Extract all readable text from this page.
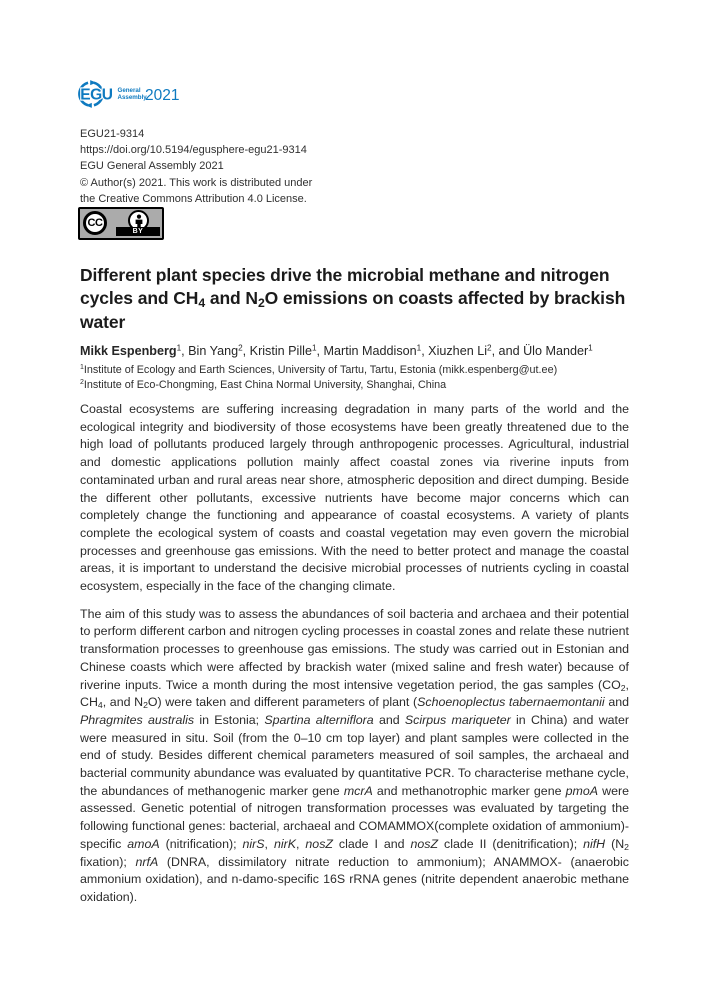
EGU General
Assembly
2021
EGU21-9314
https://doi.org/10.5194/egusphere-egu21-9314
EGU General Assembly 2021
© Author(s) 2021. This work is distributed under
the Creative Commons Attribution 4.0 License.
CC
BY
Different plant species drive the microbial methane and nitrogen cycles and $CH_4$ and $N_2O$ emissions on coasts affected by brackish water
Mikk Espenberg$^1$, Bin Yang$^2$, Kristin Pille$^1$, Martin Maddison$^1$, Xiuzhen Li$^2$, and Ülo Mander$^1$
$^1$Institute of Ecology and Earth Sciences, University of Tartu, Tartu, Estonia (mikk.espenberg@ut.ee)
$^2$Institute of Eco-Chongming, East China Normal University, Shanghai, China

Coastal ecosystems are suffering increasing degradation in many parts of the world and the ecological integrity and biodiversity of those ecosystems have been greatly threatened due to the high load of pollutants produced largely through anthropogenic processes. Agricultural, industrial and domestic applications pollution mainly affect coastal zones via riverine inputs from contaminated urban and rural areas near shore, atmospheric deposition and direct dumping. Beside the different other pollutants, excessive nutrients have become major concerns which can completely change the functioning and appearance of coastal ecosystems. A variety of plants complete the ecological system of coasts and coastal vegetation may even govern the microbial processes and greenhouse gas emissions. With the need to better protect and manage the coastal areas, it is important to understand the decisive microbial processes of nutrients cycling in coastal ecosystem, especially in the face of the changing climate.

The aim of this study was to assess the abundances of soil bacteria and archaea and their potential to perform different carbon and nitrogen cycling processes in coastal zones and relate these nutrient transformation processes to greenhouse gas emissions. The study was carried out in Estonian and Chinese coasts which were affected by brackish water (mixed saline and fresh water) because of riverine inputs. Twice a month during the most intensive vegetation period, the gas samples ($CO_2$, $CH_4$, and $N_2O$) were taken and different parameters of plant (Schoenoplectus tabernaemontanii and Phragmites australis in Estonia; Spartina alterniflora and Scirpus mariqueter in China) and water were measured in situ. Soil (from the 0–10 cm top layer) and plant samples were collected in the end of study. Besides different chemical parameters measured of soil samples, the archaeal and bacterial community abundance was evaluated by quantitative PCR. To characterise methane cycle, the abundances of methanogenic marker gene mcrA and methanotrophic marker gene pmoA were assessed. Genetic potential of nitrogen transformation processes was evaluated by targeting the following functional genes: bacterial, archaeal and COMAMMOX(complete oxidation of ammonium)-specific amoA (nitrification); nirS, nirK, nosZ clade I and nosZ clade II (denitrification); nifH ($N_2$ fixation); nrfA (DNRA, dissimilatory nitrate reduction to ammonium); ANAMMOX- (anaerobic ammonium oxidation), and n-damo-specific 16S rRNA genes (nitrite dependent anaerobic methane oxidation).
